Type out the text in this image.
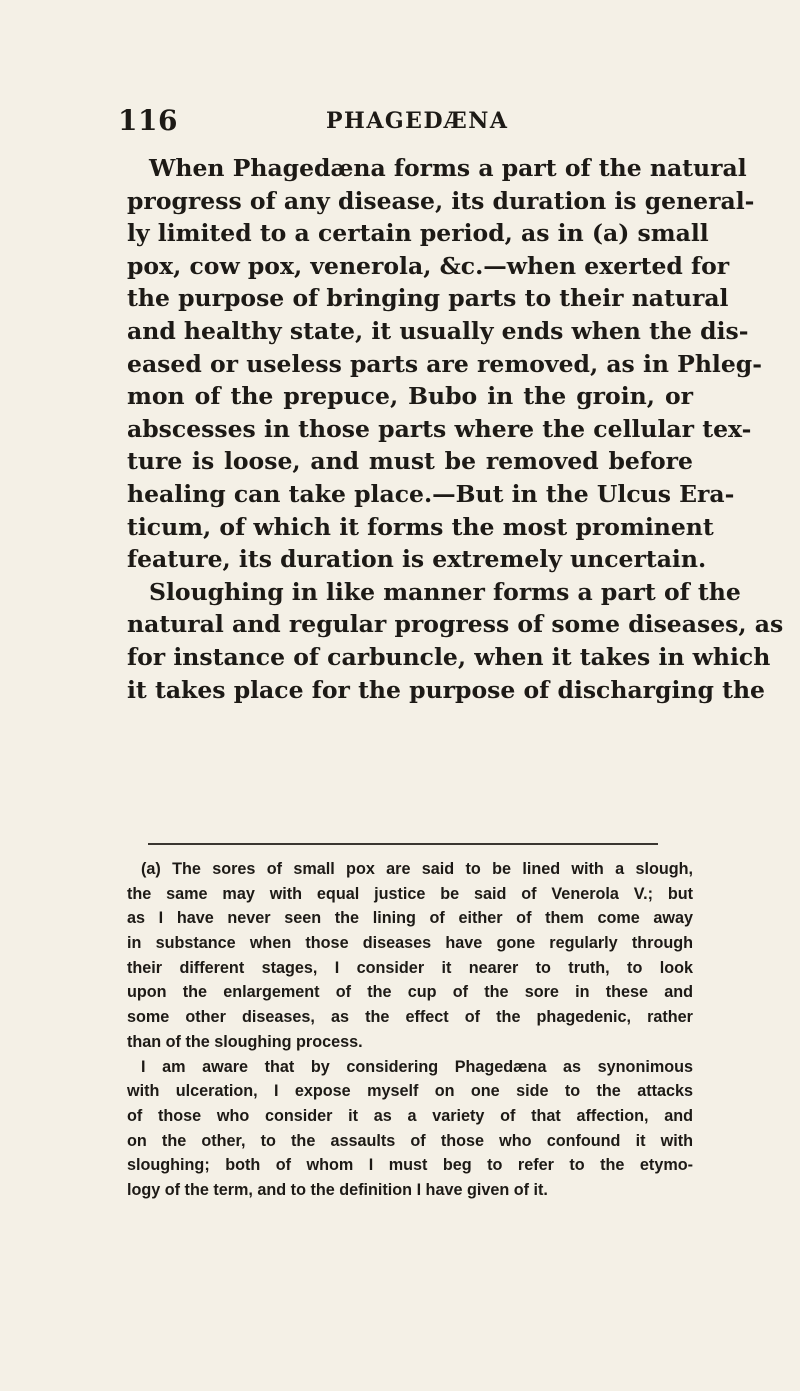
116	PHAGEDÆNA
When Phagedæna forms a part of the natural
progress of any disease, its duration is general-
ly limited to a certain period, as in (a) small
pox, cow pox, venerola, &c.—when exerted for
the purpose of bringing parts to their natural
and healthy state, it usually ends when the dis-
eased or useless parts are removed, as in Phleg-
mon of the prepuce, Bubo in the groin, or
abscesses in those parts where the cellular tex-
ture is loose, and must be removed before
healing can take place.—But in the Ulcus Era-
ticum, of which it forms the most prominent
feature, its duration is extremely uncertain.
Sloughing in like manner forms a part of the
natural and regular progress of some diseases, as
for instance of carbuncle, when it takes in which
it takes place for the purpose of discharging the
(a) The sores of small pox are said to be lined with a slough,
the same may with equal justice be said of Venerola V.; but
as I have never seen the lining of either of them come away
in substance when those diseases have gone regularly through
their different stages, I consider it nearer to truth, to look
upon the enlargement of the cup of the sore in these and
some other diseases, as the effect of the phagedenic, rather
than of the sloughing process.
I am aware that by considering Phagedæna as synonimous
with ulceration, I expose myself on one side to the attacks
of those who consider it as a variety of that affection, and
on the other, to the assaults of those who confound it with
sloughing; both of whom I must beg to refer to the etymo-
logy of the term, and to the definition I have given of it.
